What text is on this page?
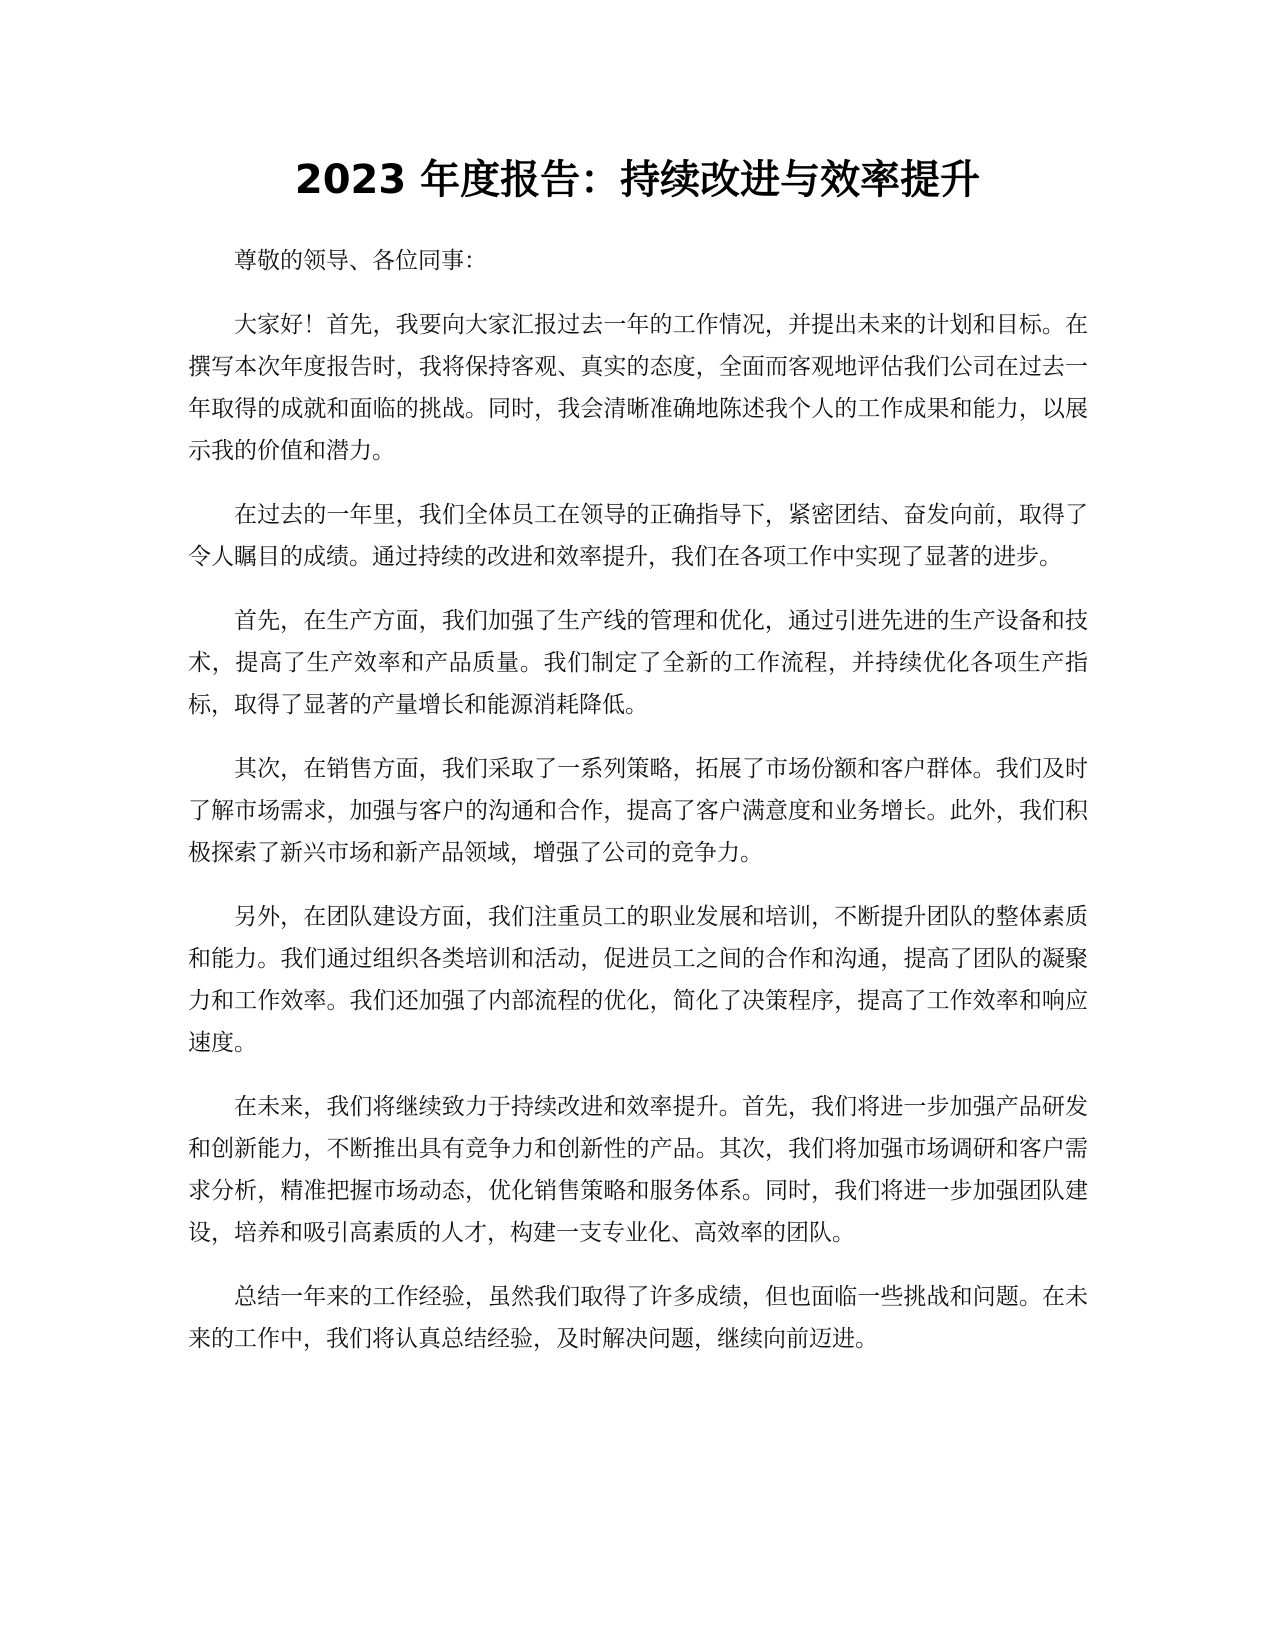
2023 年度报告：持续改进与效率提升

尊敬的领导、各位同事：

大家好！首先，我要向大家汇报过去一年的工作情况，并提出未来的计划和目标。在撰写本次年度报告时，我将保持客观、真实的态度，全面而客观地评估我们公司在过去一年取得的成就和面临的挑战。同时，我会清晰准确地陈述我个人的工作成果和能力，以展示我的价值和潜力。

在过去的一年里，我们全体员工在领导的正确指导下，紧密团结、奋发向前，取得了令人瞩目的成绩。通过持续的改进和效率提升，我们在各项工作中实现了显著的进步。

首先，在生产方面，我们加强了生产线的管理和优化，通过引进先进的生产设备和技术，提高了生产效率和产品质量。我们制定了全新的工作流程，并持续优化各项生产指标，取得了显著的产量增长和能源消耗降低。

其次，在销售方面，我们采取了一系列策略，拓展了市场份额和客户群体。我们及时了解市场需求，加强与客户的沟通和合作，提高了客户满意度和业务增长。此外，我们积极探索了新兴市场和新产品领域，增强了公司的竞争力。

另外，在团队建设方面，我们注重员工的职业发展和培训，不断提升团队的整体素质和能力。我们通过组织各类培训和活动，促进员工之间的合作和沟通，提高了团队的凝聚力和工作效率。我们还加强了内部流程的优化，简化了决策程序，提高了工作效率和响应速度。

在未来，我们将继续致力于持续改进和效率提升。首先，我们将进一步加强产品研发和创新能力，不断推出具有竞争力和创新性的产品。其次，我们将加强市场调研和客户需求分析，精准把握市场动态，优化销售策略和服务体系。同时，我们将进一步加强团队建设，培养和吸引高素质的人才，构建一支专业化、高效率的团队。

总结一年来的工作经验，虽然我们取得了许多成绩，但也面临一些挑战和问题。在未来的工作中，我们将认真总结经验，及时解决问题，继续向前迈进。
